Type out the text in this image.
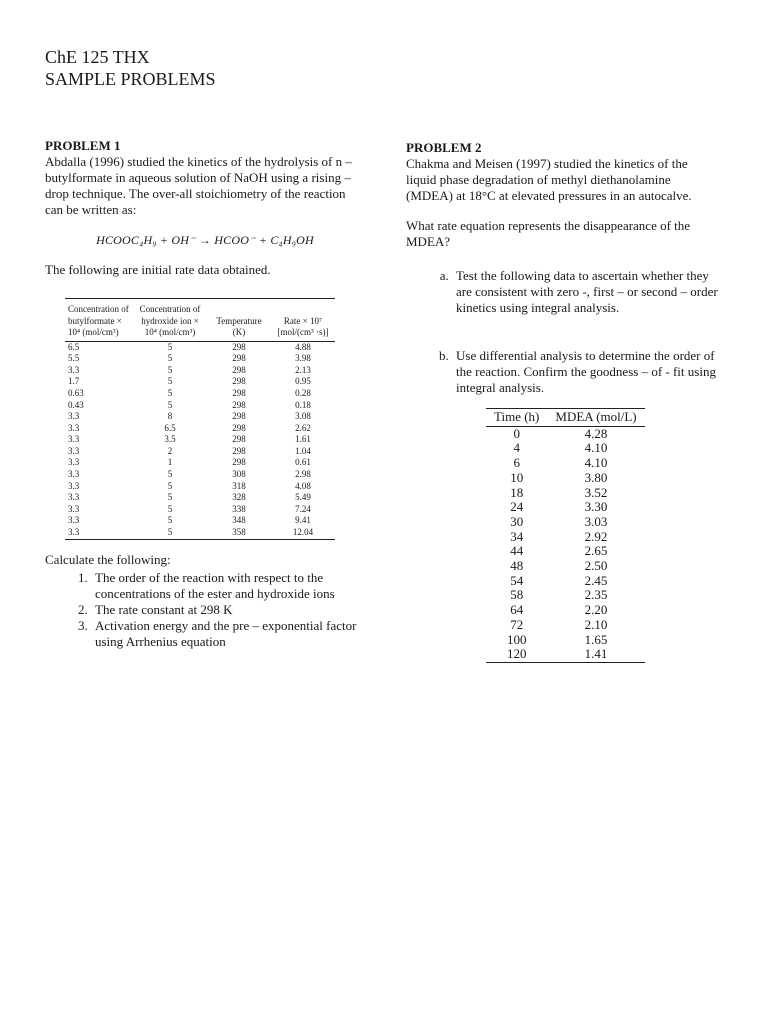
ChE 125 THX
SAMPLE PROBLEMS
PROBLEM 1
Abdalla (1996) studied the kinetics of the hydrolysis of n – butylformate in aqueous solution of NaOH using a rising – drop technique. The over-all stoichiometry of the reaction can be written as:
HCOOC₄H₉ + OH⁻ → HCOO⁻ + C₄H₉OH
The following are initial rate data obtained.
Concentration of butylformate × 10⁴ (mol/cm³)	Concentration of hydroxide ion × 10⁴ (mol/cm³)	Temperature (K)	Rate × 10⁷ [mol/(cm³ ·s)]
6.5	5	298	4.88
5.5	5	298	3.98
3.3	5	298	2.13
1.7	5	298	0.95
0.63	5	298	0.28
0.43	5	298	0.18
3.3	8	298	3.08
3.3	6.5	298	2.62
3.3	3.5	298	1.61
3.3	2	298	1.04
3.3	1	298	0.61
3.3	5	308	2.98
3.3	5	318	4.08
3.3	5	328	5.49
3.3	5	338	7.24
3.3	5	348	9.41
3.3	5	358	12.04
Calculate the following:
1. The order of the reaction with respect to the concentrations of the ester and hydroxide ions
2. The rate constant at 298 K
3. Activation energy and the pre – exponential factor using Arrhenius equation
PROBLEM 2
Chakma and Meisen (1997) studied the kinetics of the liquid phase degradation of methyl diethanolamine (MDEA) at 18°C at elevated pressures in an autocalve.
What rate equation represents the disappearance of the MDEA?
a. Test the following data to ascertain whether they are consistent with zero -, first – or second – order kinetics using integral analysis.
b. Use differential analysis to determine the order of the reaction. Confirm the goodness – of - fit using integral analysis.
Time (h)	MDEA (mol/L)
0	4.28
4	4.10
6	4.10
10	3.80
18	3.52
24	3.30
30	3.03
34	2.92
44	2.65
48	2.50
54	2.45
58	2.35
64	2.20
72	2.10
100	1.65
120	1.41
